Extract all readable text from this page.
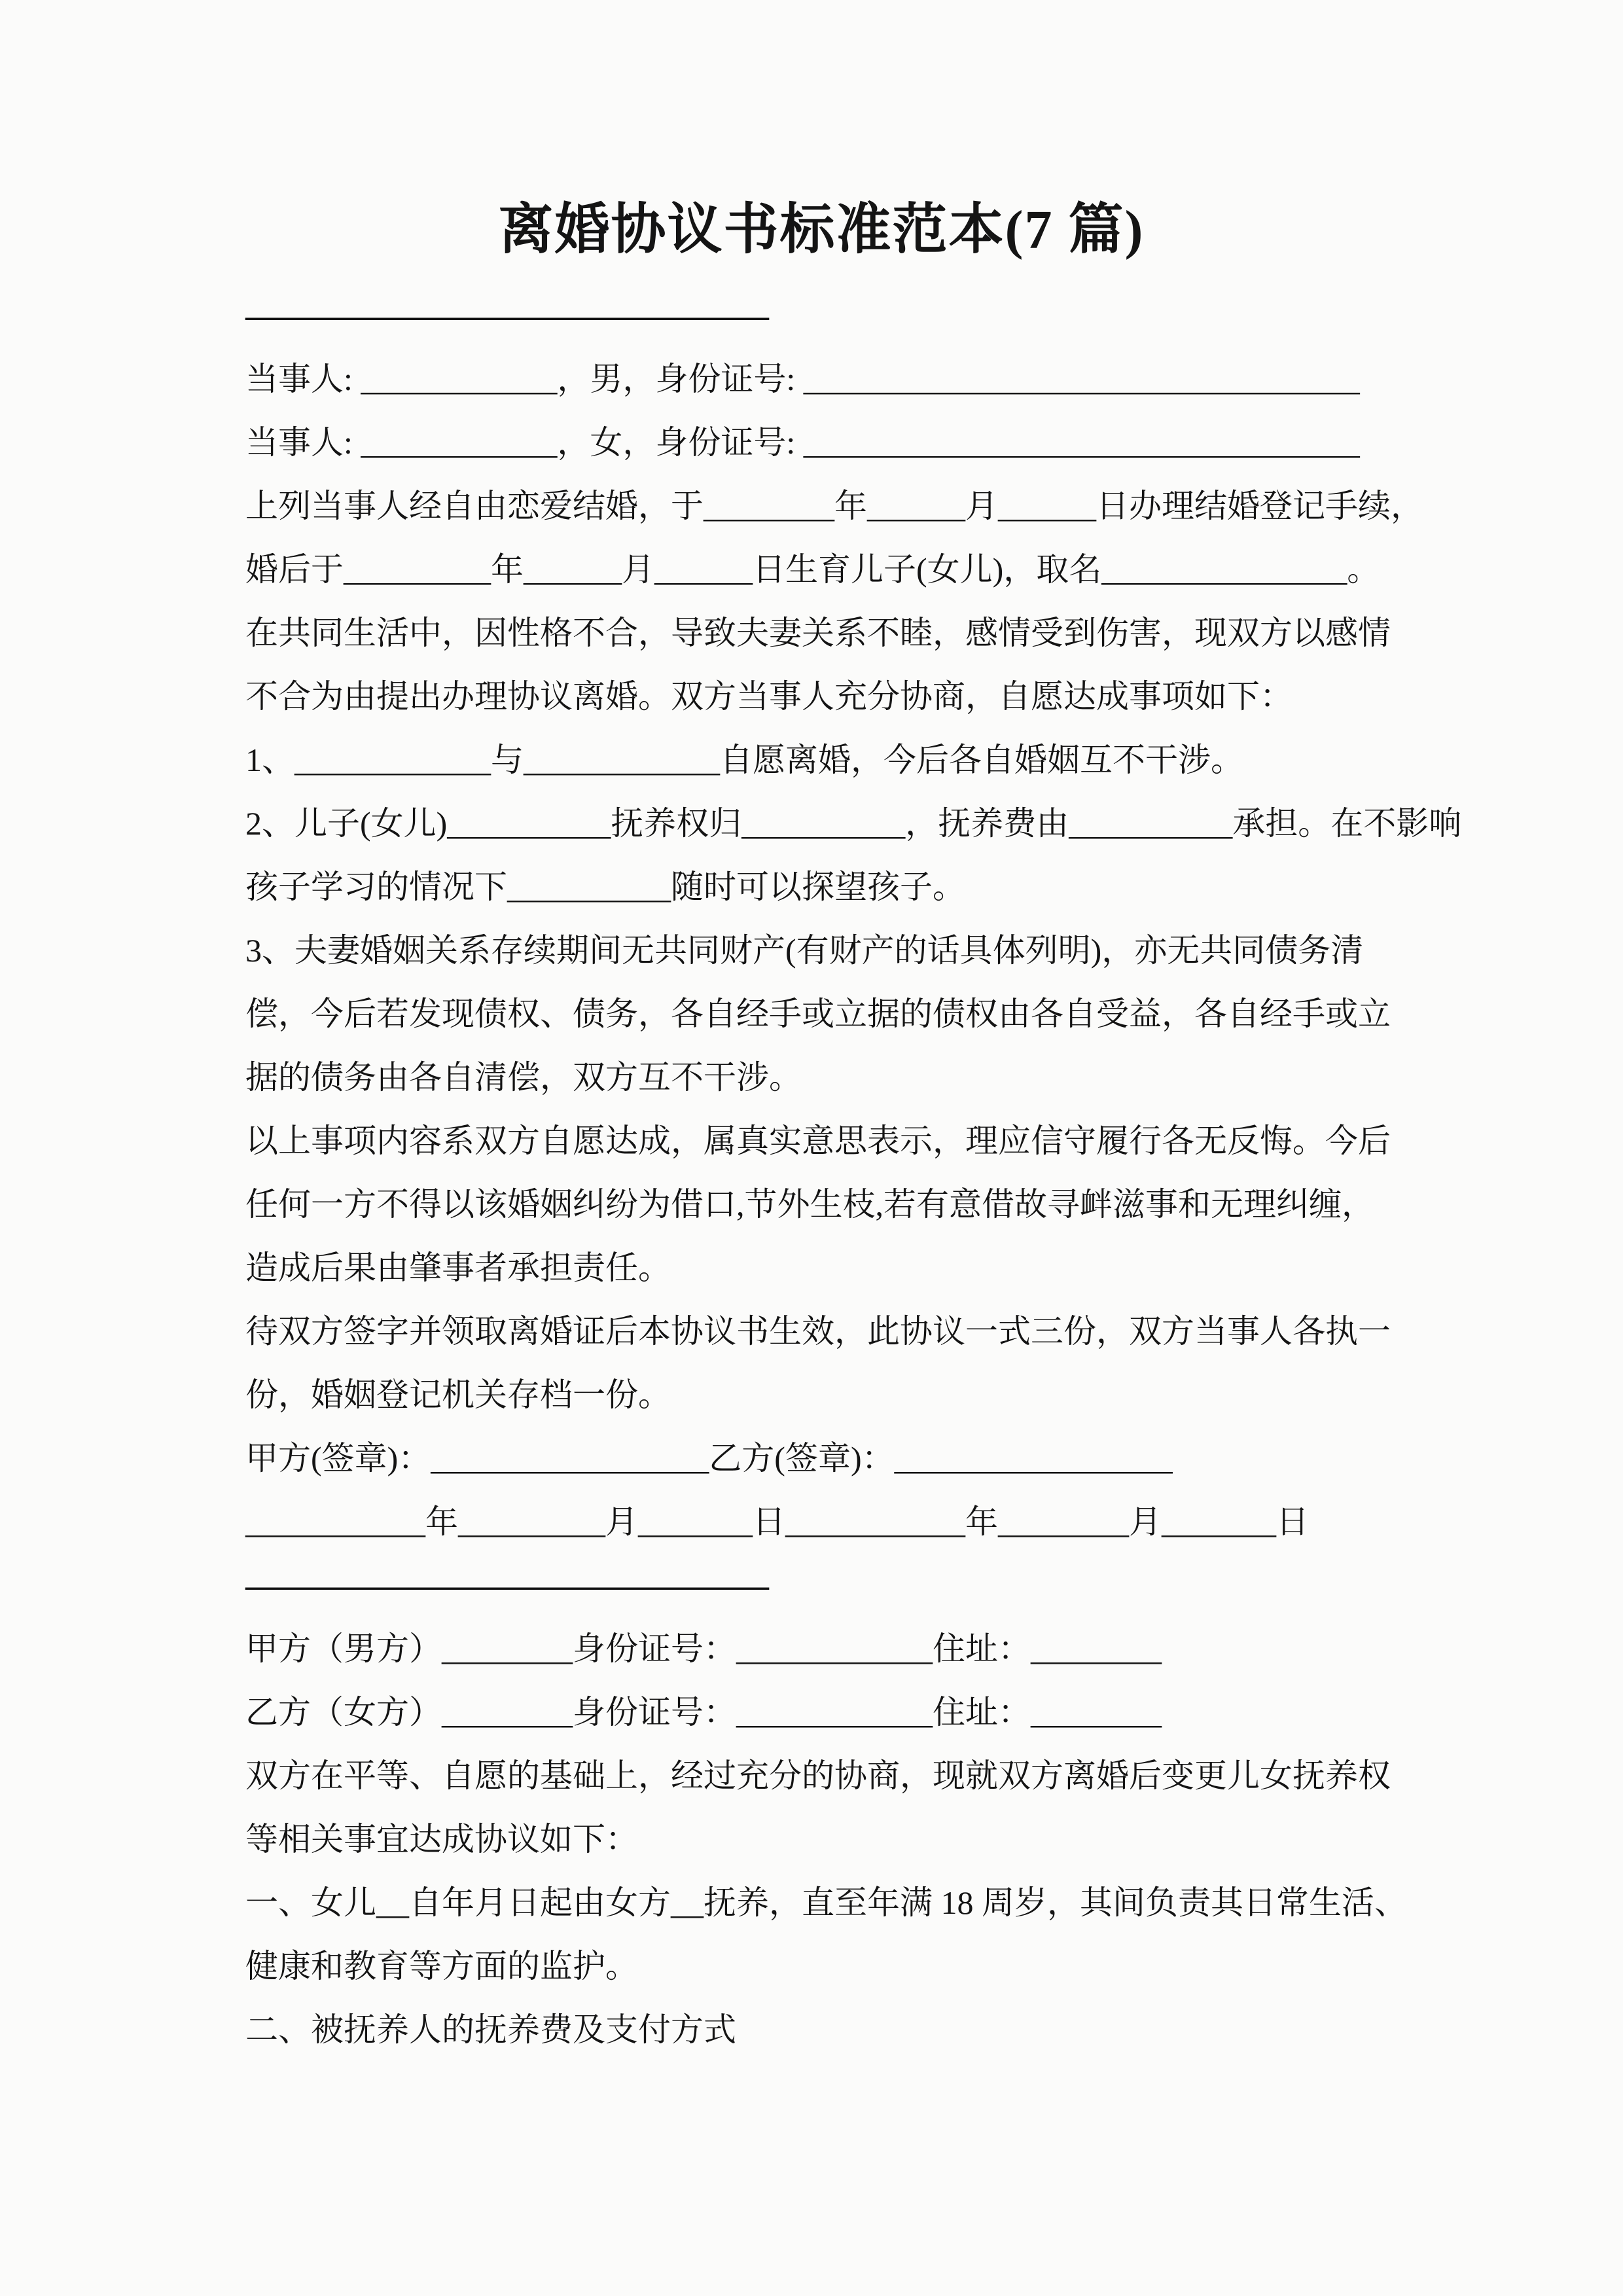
离婚协议书标准范本(7 篇)

————————————————

当事人: ____________，男，身份证号: __________________________________

当事人: ____________，女，身份证号: __________________________________

上列当事人经自由恋爱结婚，于________年______月______日办理结婚登记手续，

婚后于_________年______月______日生育儿子(女儿)，取名_______________。

在共同生活中，因性格不合，导致夫妻关系不睦，感情受到伤害，现双方以感情

不合为由提出办理协议离婚。双方当事人充分协商，自愿达成事项如下：

1、____________与____________自愿离婚，今后各自婚姻互不干涉。

2、儿子(女儿)__________抚养权归__________，抚养费由__________承担。在不影响

孩子学习的情况下__________随时可以探望孩子。

3、夫妻婚姻关系存续期间无共同财产(有财产的话具体列明)，亦无共同债务清

偿，今后若发现债权、债务，各自经手或立据的债权由各自受益，各自经手或立

据的债务由各自清偿，双方互不干涉。

以上事项内容系双方自愿达成，属真实意思表示，理应信守履行各无反悔。今后

任何一方不得以该婚姻纠纷为借口,节外生枝,若有意借故寻衅滋事和无理纠缠，

造成后果由肇事者承担责任。

待双方签字并领取离婚证后本协议书生效，此协议一式三份，双方当事人各执一

份，婚姻登记机关存档一份。

甲方(签章)：_________________乙方(签章)：_________________

___________年_________月_______日___________年________月_______日

————————————————

甲方（男方）________身份证号：____________住址：________

乙方（女方）________身份证号：____________住址：________

双方在平等、自愿的基础上，经过充分的协商，现就双方离婚后变更儿女抚养权

等相关事宜达成协议如下：

一、女儿__自年月日起由女方__抚养，直至年满 18 周岁，其间负责其日常生活、

健康和教育等方面的监护。

二、被抚养人的抚养费及支付方式
